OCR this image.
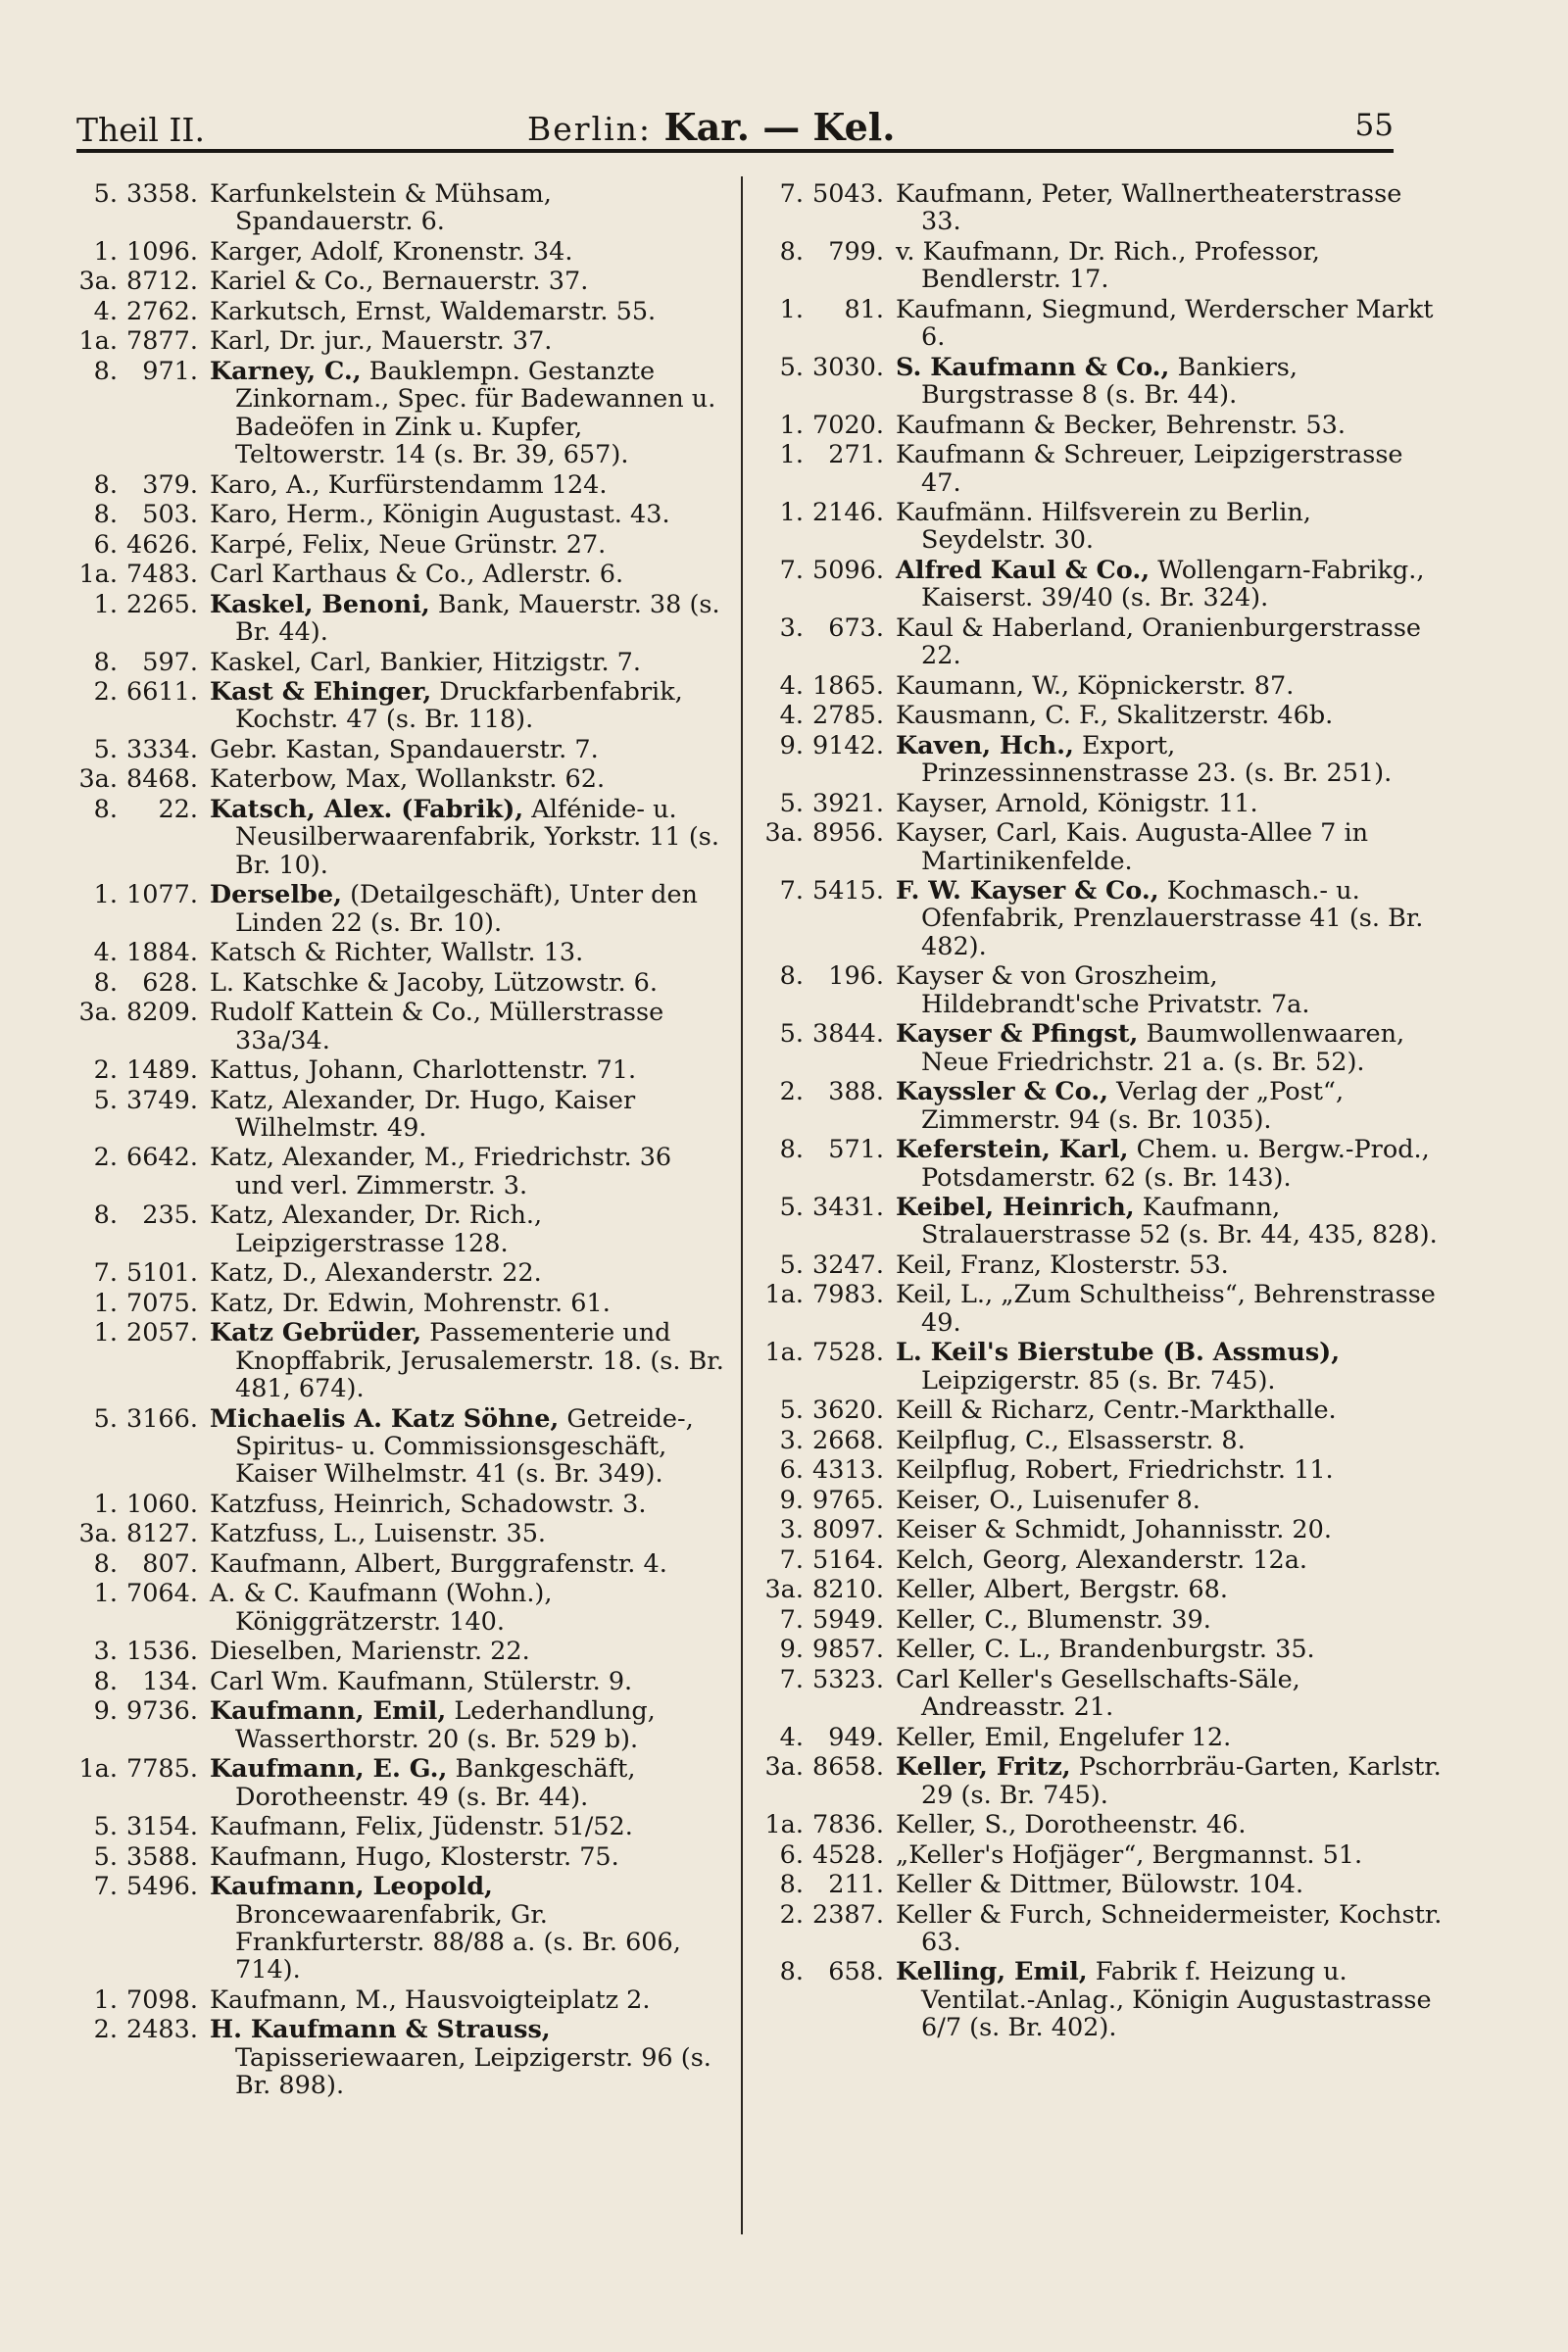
Theil II.	Berlin: Kar. — Kel.	55
5. 3358. Karfunkelstein & Mühsam, Spandauerstr. 6.
1. 1096. Karger, Adolf, Kronenstr. 34.
3a. 8712. Kariel & Co., Bernauerstr. 37.
4. 2762. Karkutsch, Ernst, Waldemarstr. 55.
1a. 7877. Karl, Dr. jur., Mauerstr. 37.
8. 971. Karney, C., Bauklempn. Gestanzte Zinkornam., Spec. für Badewannen u. Badeöfen in Zink u. Kupfer, Teltowerstr. 14 (s. Br. 39, 657).
8. 379. Karo, A., Kurfürstendamm 124.
8. 503. Karo, Herm., Königin Augustast. 43.
6. 4626. Karpé, Felix, Neue Grünstr. 27.
1a. 7483. Carl Karthaus & Co., Adlerstr. 6.
1. 2265. Kaskel, Benoni, Bank, Mauerstr. 38 (s. Br. 44).
8. 597. Kaskel, Carl, Bankier, Hitzigstr. 7.
2. 6611. Kast & Ehinger, Druckfarbenfabrik, Kochstr. 47 (s. Br. 118).
5. 3334. Gebr. Kastan, Spandauerstr. 7.
3a. 8468. Katerbow, Max, Wollankstr. 62.
8.	22. Katsch, Alex. (Fabrik), Alfénide- u. Neusilberwaarenfabrik, Yorkstr. 11 (s. Br. 10).
1. 1077. Derselbe, (Detailgeschäft), Unter den Linden 22 (s. Br. 10).
4. 1884. Katsch & Richter, Wallstr. 13.
8. 628. L. Katschke & Jacoby, Lützowstr. 6.
3a. 8209. Rudolf Kattein & Co., Müllerstrasse 33a/34.
2. 1489. Kattus, Johann, Charlottenstr. 71.
5. 3749. Katz, Alexander, Dr. Hugo, Kaiser Wilhelmstr. 49.
2. 6642. Katz, Alexander, M., Friedrichstr. 36 und verl. Zimmerstr. 3.
8. 235. Katz, Alexander, Dr. Rich., Leipzigerstrasse 128.
7. 5101. Katz, D., Alexanderstr. 22.
1. 7075. Katz, Dr. Edwin, Mohrenstr. 61.
1. 2057. Katz Gebrüder, Passementerie und Knopffabrik, Jerusalemerstr. 18. (s. Br. 481, 674).
5. 3166. Michaelis A. Katz Söhne, Getreide-, Spiritus- u. Commissionsgeschäft, Kaiser Wilhelmstr. 41 (s. Br. 349).
1. 1060. Katzfuss, Heinrich, Schadowstr. 3.
3a. 8127. Katzfuss, L., Luisenstr. 35.
8. 807. Kaufmann, Albert, Burggrafenstr. 4.
1. 7064. A. & C. Kaufmann (Wohn.), Königgrätzerstr. 140.
3. 1536. Dieselben, Marienstr. 22.
8. 134. Carl Wm. Kaufmann, Stülerstr. 9.
9. 9736. Kaufmann, Emil, Lederhandlung, Wasserthorstr. 20 (s. Br. 529 b).
1a. 7785. Kaufmann, E. G., Bankgeschäft, Dorotheenstr. 49 (s. Br. 44).
5. 3154. Kaufmann, Felix, Jüdenstr. 51/52.
5. 3588. Kaufmann, Hugo, Klosterstr. 75.
7. 5496. Kaufmann, Leopold, Broncewaarenfabrik, Gr. Frankfurterstr. 88/88 a. (s. Br. 606, 714).
1. 7098. Kaufmann, M., Hausvoigteiplatz 2.
2. 2483. H. Kaufmann & Strauss, Tapisseriewaaren, Leipzigerstr. 96 (s. Br. 898).
7. 5043. Kaufmann, Peter, Wallnertheaterstrasse 33.
8. 799. v. Kaufmann, Dr. Rich., Professor, Bendlerstr. 17.
1.	81. Kaufmann, Siegmund, Werderscher Markt 6.
5. 3030. S. Kaufmann & Co., Bankiers, Burgstrasse 8 (s. Br. 44).
1. 7020. Kaufmann & Becker, Behrenstr. 53.
1. 271. Kaufmann & Schreuer, Leipzigerstrasse 47.
1. 2146. Kaufmänn. Hilfsverein zu Berlin, Seydelstr. 30.
7. 5096. Alfred Kaul & Co., Wollengarn-Fabrikg., Kaiserst. 39/40 (s. Br. 324).
3. 673. Kaul & Haberland, Oranienburgerstrasse 22.
4. 1865. Kaumann, W., Köpnickerstr. 87.
4. 2785. Kausmann, C. F., Skalitzerstr. 46b.
9. 9142. Kaven, Hch., Export, Prinzessinnenstrasse 23. (s. Br. 251).
5. 3921. Kayser, Arnold, Königstr. 11.
3a. 8956. Kayser, Carl, Kais. Augusta-Allee 7 in Martinikenfelde.
7. 5415. F. W. Kayser & Co., Kochmasch.- u. Ofenfabrik, Prenzlauerstrasse 41 (s. Br. 482).
8. 196. Kayser & von Groszheim, Hildebrandt'sche Privatstr. 7a.
5. 3844. Kayser & Pfingst, Baumwollenwaaren, Neue Friedrichstr. 21 a. (s. Br. 52).
2. 388. Kayssler & Co., Verlag der „Post“, Zimmerstr. 94 (s. Br. 1035).
8. 571. Keferstein, Karl, Chem. u. Bergw.-Prod., Potsdamerstr. 62 (s. Br. 143).
5. 3431. Keibel, Heinrich, Kaufmann, Stralauerstrasse 52 (s. Br. 44, 435, 828).
5. 3247. Keil, Franz, Klosterstr. 53.
1a. 7983. Keil, L., „Zum Schultheiss“, Behrenstrasse 49.
1a. 7528. L. Keil's Bierstube (B. Assmus), Leipzigerstr. 85 (s. Br. 745).
5. 3620. Keill & Richarz, Centr.-Markthalle.
3. 2668. Keilpflug, C., Elsasserstr. 8.
6. 4313. Keilpflug, Robert, Friedrichstr. 11.
9. 9765. Keiser, O., Luisenufer 8.
3. 8097. Keiser & Schmidt, Johannisstr. 20.
7. 5164. Kelch, Georg, Alexanderstr. 12a.
3a. 8210. Keller, Albert, Bergstr. 68.
7. 5949. Keller, C., Blumenstr. 39.
9. 9857. Keller, C. L., Brandenburgstr. 35.
7. 5323. Carl Keller's Gesellschafts-Säle, Andreasstr. 21.
4. 949. Keller, Emil, Engelufer 12.
3a. 8658. Keller, Fritz, Pschorrbräu-Garten, Karlstr. 29 (s. Br. 745).
1a. 7836. Keller, S., Dorotheenstr. 46.
6. 4528. „Keller's Hofjäger“, Bergmannst. 51.
8. 211. Keller & Dittmer, Bülowstr. 104.
2. 2387. Keller & Furch, Schneidermeister, Kochstr. 63.
8. 658. Kelling, Emil, Fabrik f. Heizung u. Ventilat.-Anlag., Königin Augustastrasse 6/7 (s. Br. 402).
